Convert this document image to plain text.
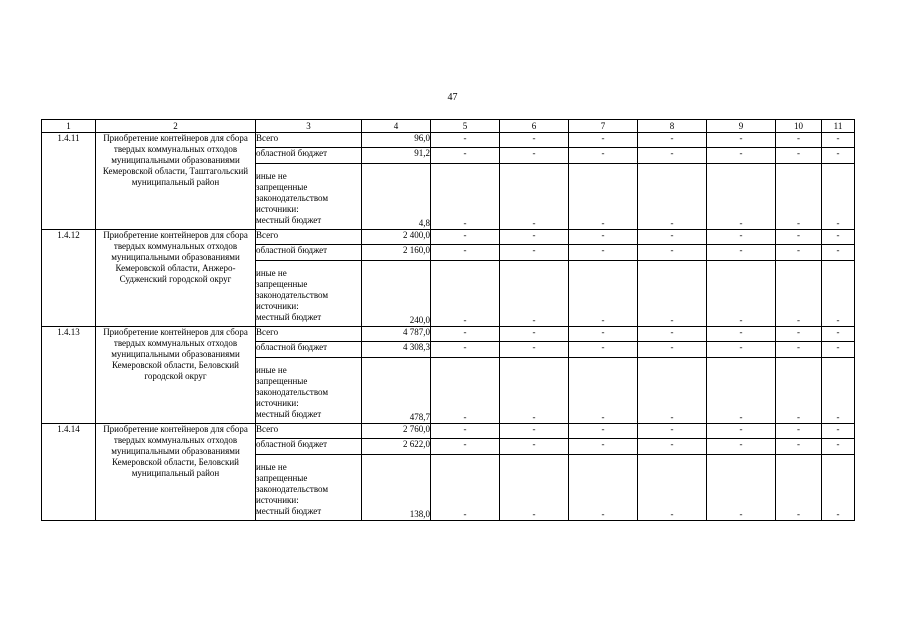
47
1	2	3	4	5	6	7	8	9	10	11
1.4.11	Приобретение контейнеров для сбора твердых коммунальных отходов муниципальными образованиями Кемеровской области, Таштагольский муниципальный район	Всего	96,0	-	-	-	-	-	-	-

		областной бюджет	91,2	-	-	-	-	-	-	-

		иные не
запрещенные
законодательством
источники:
местный бюджет	4,8	-	-	-	-	-	-	-
1.4.12	Приобретение контейнеров для сбора твердых коммунальных отходов муниципальными образованиями Кемеровской области, Анжеро-Судженский городской округ	Всего	2 400,0	-	-	-	-	-	-	-

		областной бюджет	2 160,0	-	-	-	-	-	-	-

		иные не
запрещенные
законодательством
источники:
местный бюджет	240,0	-	-	-	-	-	-	-
1.4.13	Приобретение контейнеров для сбора твердых коммунальных отходов муниципальными образованиями Кемеровской области, Беловский городской округ	Всего	4 787,0	-	-	-	-	-	-	-

		областной бюджет	4 308,3	-	-	-	-	-	-	-

		иные не
запрещенные
законодательством
источники:
местный бюджет	478,7	-	-	-	-	-	-	-
1.4.14	Приобретение контейнеров для сбора твердых коммунальных отходов муниципальными образованиями Кемеровской области, Беловский муниципальный район	Всего	2 760,0	-	-	-	-	-	-	-

		областной бюджет	2 622,0	-	-	-	-	-	-	-

		иные не
запрещенные
законодательством
источники:
местный бюджет	138,0	-	-	-	-	-	-	-
